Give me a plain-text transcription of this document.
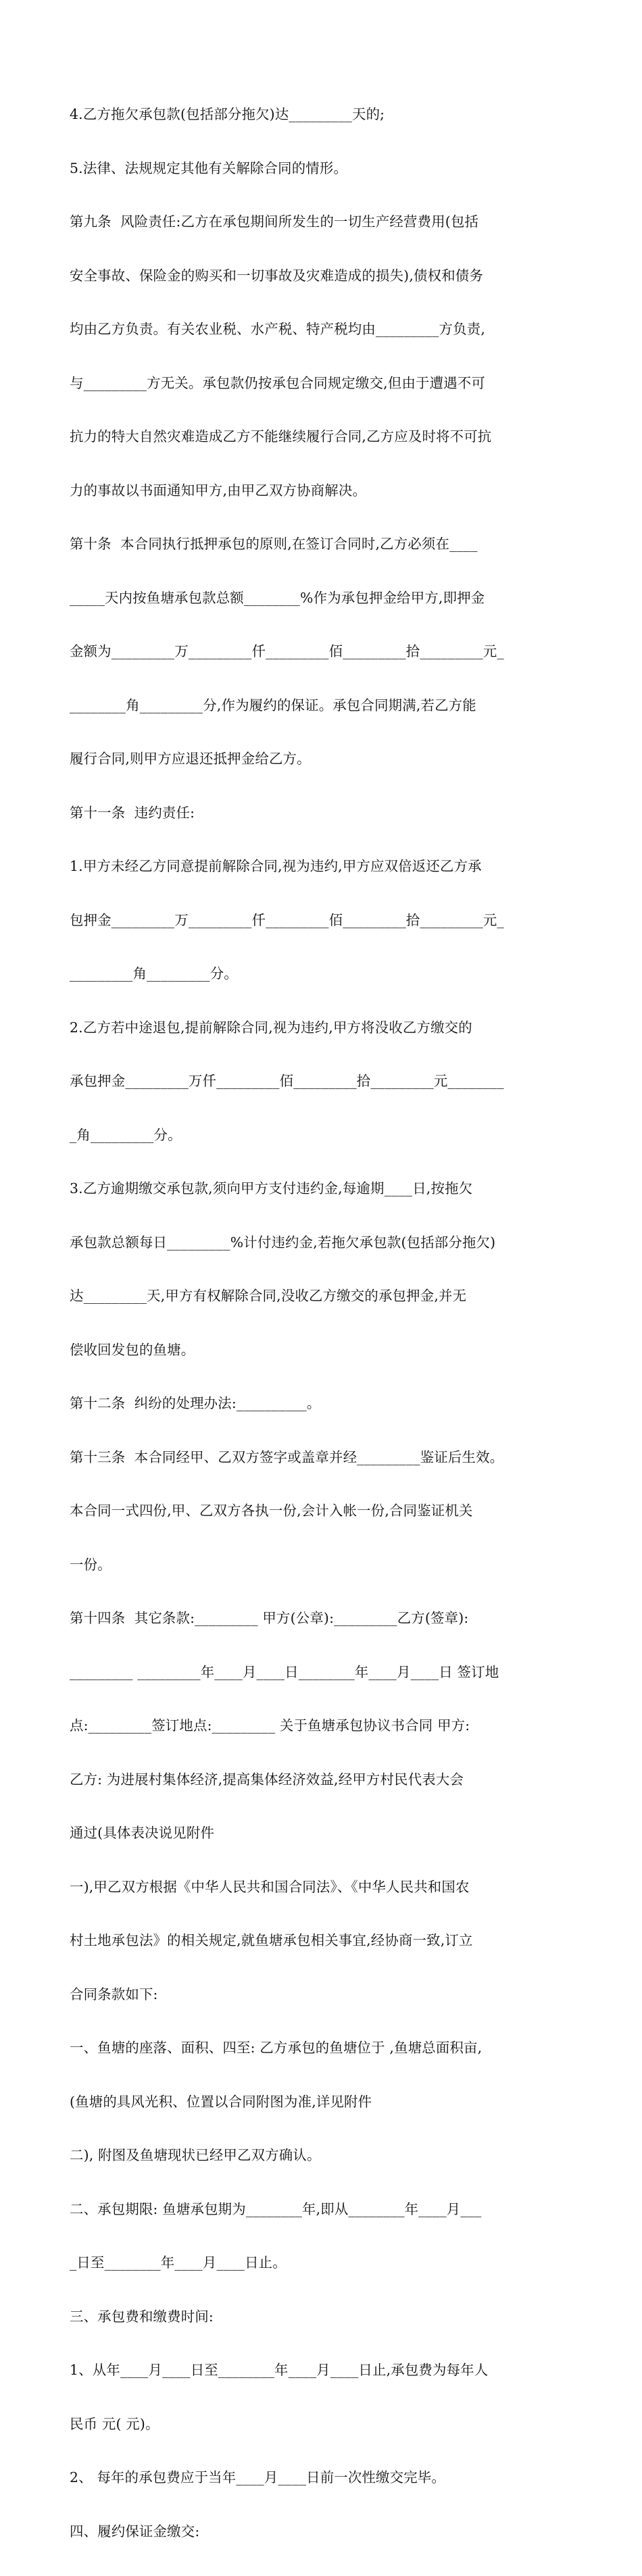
4.乙方拖欠承包款(包括部分拖欠)达_________天的;

5.法律、法规规定其他有关解除合同的情形。

第九条  风险责任:乙方在承包期间所发生的一切生产经营费用(包括

安全事故、保险金的购买和一切事故及灾难造成的损失),债权和债务

均由乙方负责。有关农业税、水产税、特产税均由_________方负责,

与_________方无关。承包款仍按承包合同规定缴交,但由于遭遇不可

抗力的特大自然灾难造成乙方不能继续履行合同,乙方应及时将不可抗

力的事故以书面通知甲方,由甲乙双方协商解决。

第十条  本合同执行抵押承包的原则,在签订合同时,乙方必须在____

_____天内按鱼塘承包款总额________%作为承包押金给甲方,即押金

金额为_________万_________仟_________佰_________拾_________元_

________角_________分,作为履约的保证。承包合同期满,若乙方能

履行合同,则甲方应退还抵押金给乙方。

第十一条  违约责任:

1.甲方未经乙方同意提前解除合同,视为违约,甲方应双倍返还乙方承

包押金_________万_________仟_________佰_________拾_________元_

_________角_________分。

2.乙方若中途退包,提前解除合同,视为违约,甲方将没收乙方缴交的

承包押金_________万仟_________佰_________拾_________元________

_角_________分。

3.乙方逾期缴交承包款,须向甲方支付违约金,每逾期____日,按拖欠

承包款总额每日_________%计付违约金,若拖欠承包款(包括部分拖欠)

达_________天,甲方有权解除合同,没收乙方缴交的承包押金,并无

偿收回发包的鱼塘。

第十二条  纠纷的处理办法:__________。

第十三条  本合同经甲、乙双方签字或盖章并经_________鉴证后生效。

本合同一式四份,甲、乙双方各执一份,会计入帐一份,合同鉴证机关

一份。

第十四条  其它条款:_________ 甲方(公章):_________乙方(签章):

_________ _________年____月____日________年____月____日 签订地

点:_________签订地点:_________ 关于鱼塘承包协议书合同 甲方:

乙方: 为进展村集体经济,提高集体经济效益,经甲方村民代表大会

通过(具体表决说见附件

一),甲乙双方根据《中华人民共和国合同法》、《中华人民共和国农

村土地承包法》的相关规定,就鱼塘承包相关事宜,经协商一致,订立

合同条款如下:

一、鱼塘的座落、面积、四至: 乙方承包的鱼塘位于 ,鱼塘总面积亩,

(鱼塘的具风光积、位置以合同附图为准,详见附件

二), 附图及鱼塘现状已经甲乙双方确认。

二、承包期限: 鱼塘承包期为________年,即从________年____月___

_日至________年____月____日止。

三、承包费和缴费时间:

1、从年____月____日至________年____月____日止,承包费为每年人

民币 元( 元)。

2、 每年的承包费应于当年____月____日前一次性缴交完毕。

四、履约保证金缴交:
